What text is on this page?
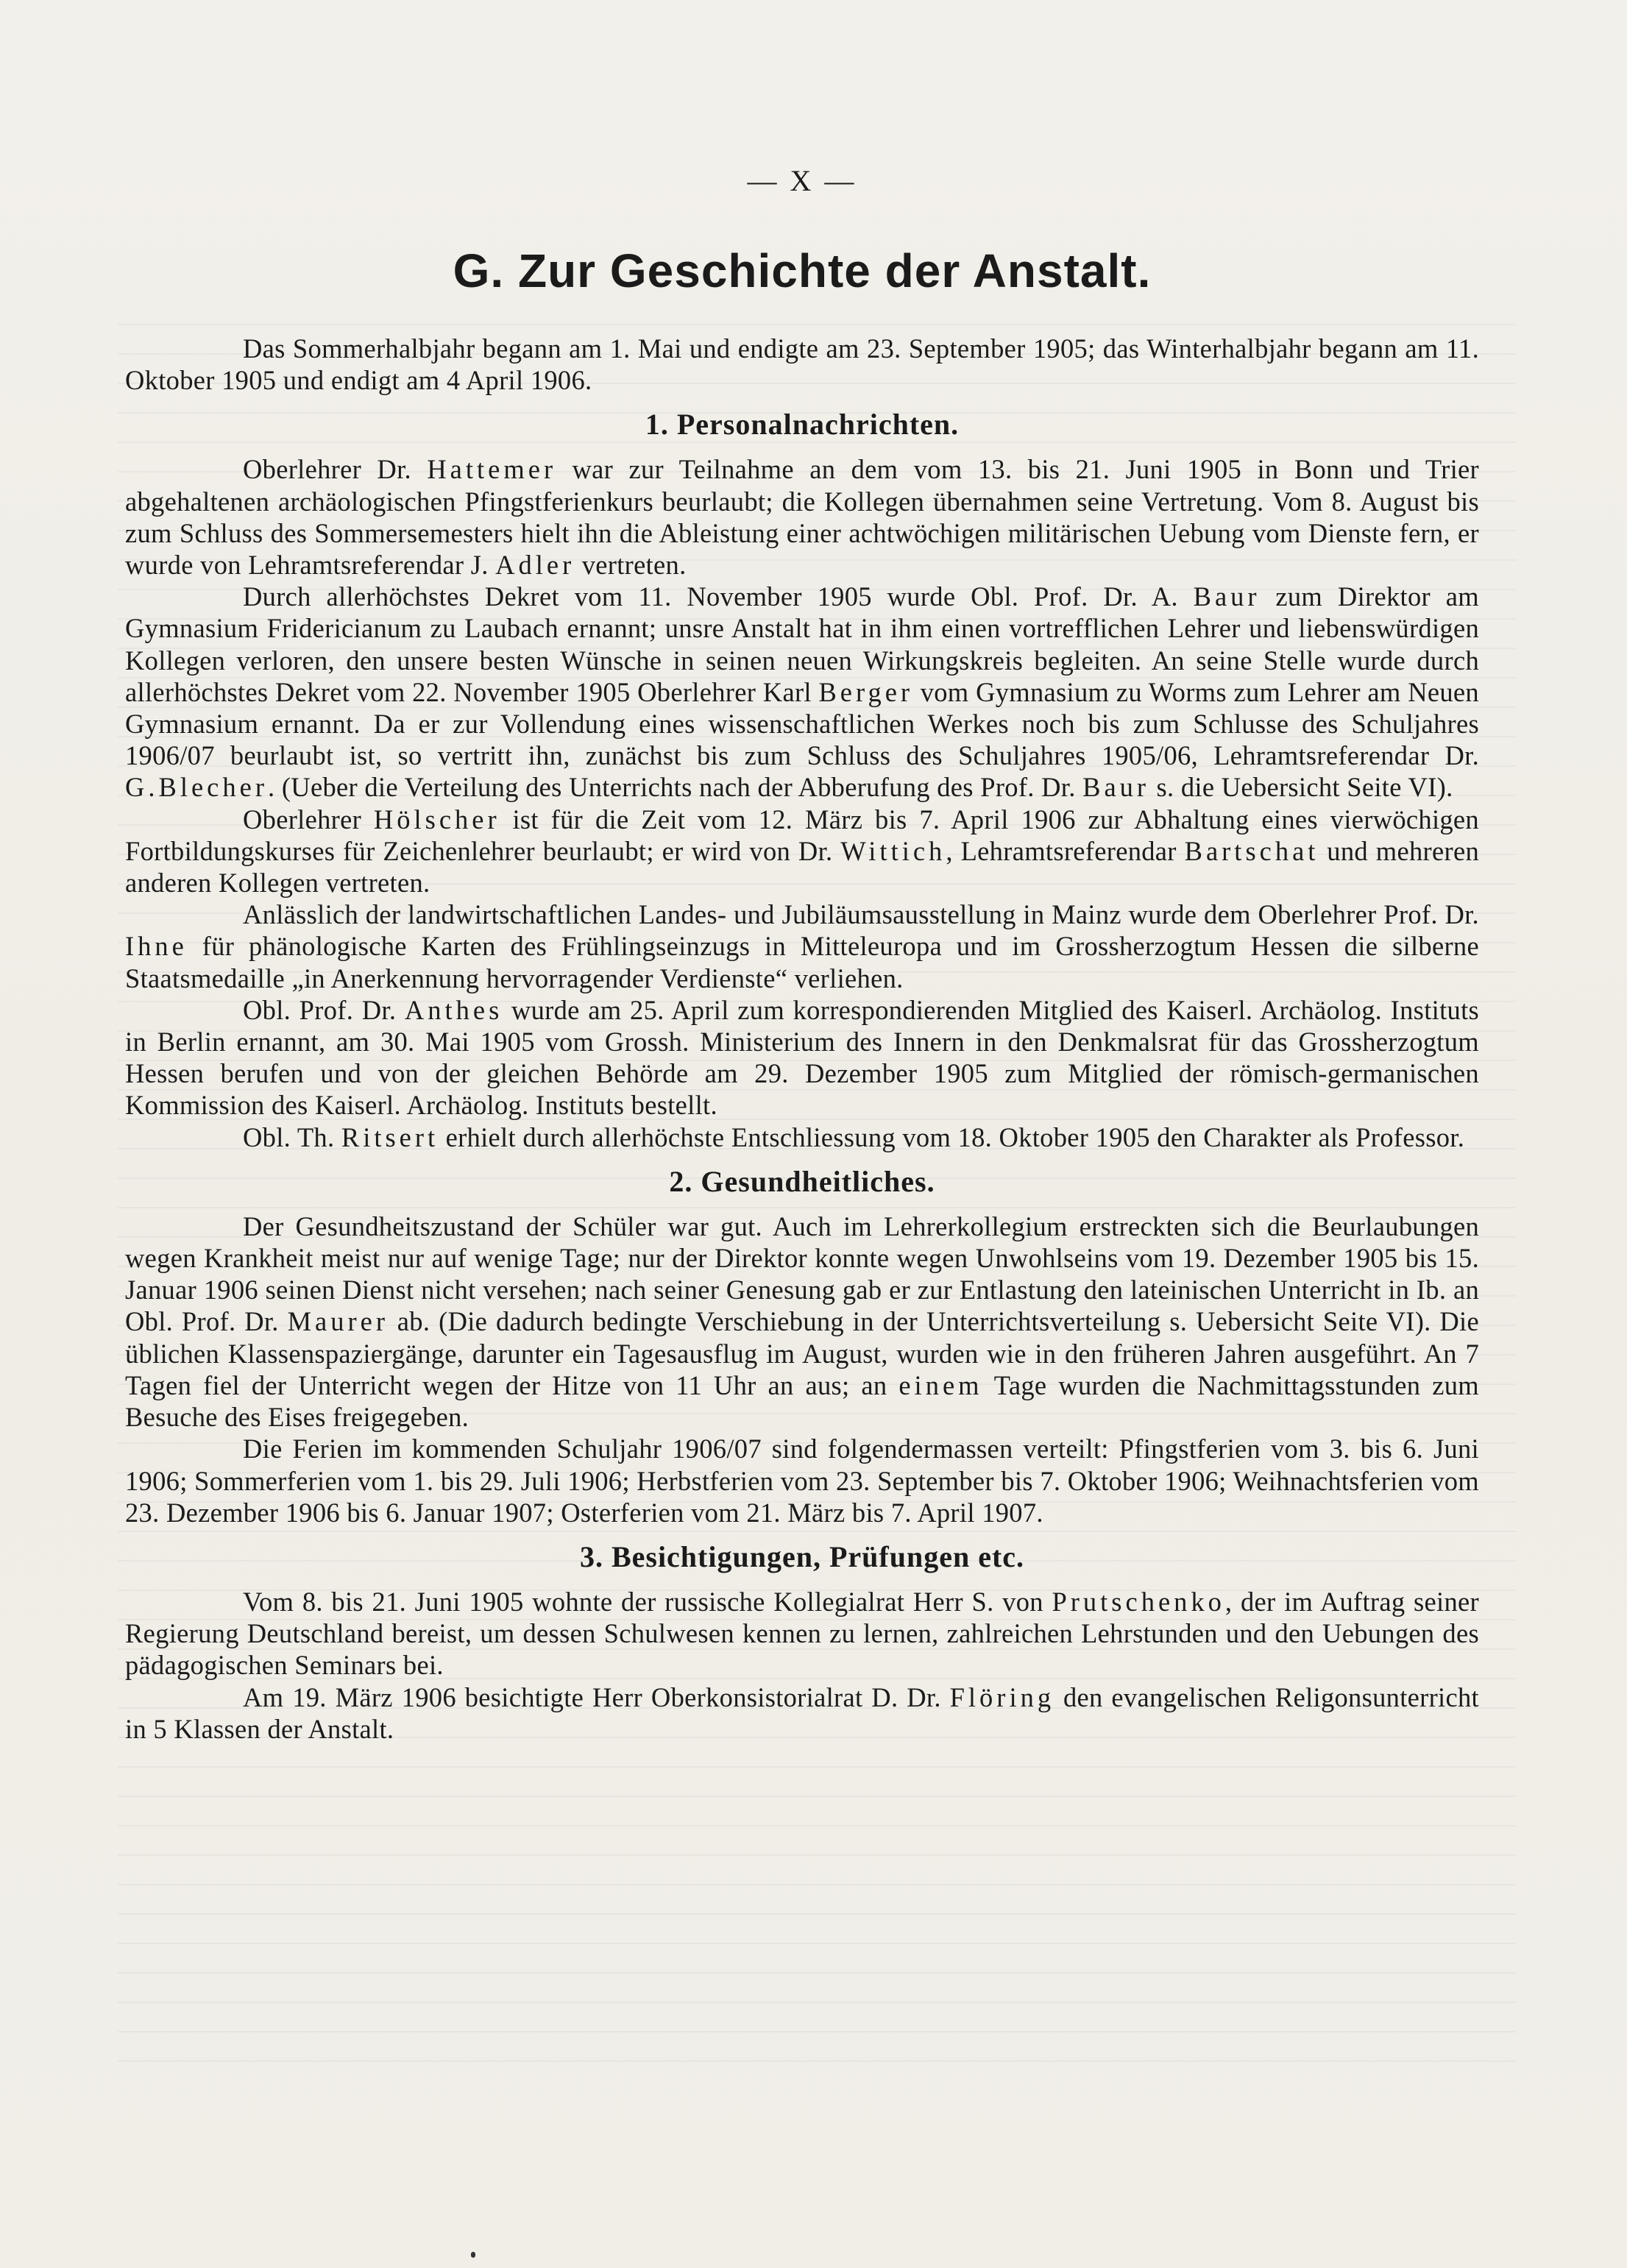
— X —
G. Zur Geschichte der Anstalt.

Das Sommerhalbjahr begann am 1. Mai und endigte am 23. September 1905; das Winterhalbjahr begann am 11. Oktober 1905 und endigt am 4 April 1906.

1. Personalnachrichten.

Oberlehrer Dr. Hattemer war zur Teilnahme an dem vom 13. bis 21. Juni 1905 in Bonn und Trier abgehaltenen archäologischen Pfingstferienkurs beurlaubt; die Kollegen übernahmen seine Vertretung. Vom 8. August bis zum Schluss des Sommersemesters hielt ihn die Ableistung einer achtwöchigen militärischen Uebung vom Dienste fern, er wurde von Lehramtsreferendar J. Adler vertreten.

Durch allerhöchstes Dekret vom 11. November 1905 wurde Obl. Prof. Dr. A. Baur zum Direktor am Gymnasium Fridericianum zu Laubach ernannt; unsre Anstalt hat in ihm einen vortrefflichen Lehrer und liebenswürdigen Kollegen verloren, den unsere besten Wünsche in seinen neuen Wirkungskreis begleiten. An seine Stelle wurde durch allerhöchstes Dekret vom 22. November 1905 Oberlehrer Karl Berger vom Gymnasium zu Worms zum Lehrer am Neuen Gymnasium ernannt. Da er zur Vollendung eines wissenschaftlichen Werkes noch bis zum Schlusse des Schuljahres 1906/07 beurlaubt ist, so vertritt ihn, zunächst bis zum Schluss des Schuljahres 1905/06, Lehramtsreferendar Dr. G.Blecher. (Ueber die Verteilung des Unterrichts nach der Abberufung des Prof. Dr. Baur s. die Uebersicht Seite VI).

Oberlehrer Hölscher ist für die Zeit vom 12. März bis 7. April 1906 zur Abhaltung eines vierwöchigen Fortbildungskurses für Zeichenlehrer beurlaubt; er wird von Dr. Wittich, Lehramtsreferendar Bartschat und mehreren anderen Kollegen vertreten.

Anlässlich der landwirtschaftlichen Landes- und Jubiläumsausstellung in Mainz wurde dem Oberlehrer Prof. Dr. Ihne für phänologische Karten des Frühlingseinzugs in Mitteleuropa und im Grossherzogtum Hessen die silberne Staatsmedaille „in Anerkennung hervorragender Verdienste“ verliehen.

Obl. Prof. Dr. Anthes wurde am 25. April zum korrespondierenden Mitglied des Kaiserl. Archäolog. Instituts in Berlin ernannt, am 30. Mai 1905 vom Grossh. Ministerium des Innern in den Denkmalsrat für das Grossherzogtum Hessen berufen und von der gleichen Behörde am 29. Dezember 1905 zum Mitglied der römisch-germanischen Kommission des Kaiserl. Archäolog. Instituts bestellt.

Obl. Th. Ritsert erhielt durch allerhöchste Entschliessung vom 18. Oktober 1905 den Charakter als Professor.

2. Gesundheitliches.

Der Gesundheitszustand der Schüler war gut. Auch im Lehrerkollegium erstreckten sich die Beurlaubungen wegen Krankheit meist nur auf wenige Tage; nur der Direktor konnte wegen Unwohlseins vom 19. Dezember 1905 bis 15. Januar 1906 seinen Dienst nicht versehen; nach seiner Genesung gab er zur Entlastung den lateinischen Unterricht in Ib. an Obl. Prof. Dr. Maurer ab. (Die dadurch bedingte Verschiebung in der Unterrichtsverteilung s. Uebersicht Seite VI). Die üblichen Klassenspaziergänge, darunter ein Tagesausflug im August, wurden wie in den früheren Jahren ausgeführt. An 7 Tagen fiel der Unterricht wegen der Hitze von 11 Uhr an aus; an einem Tage wurden die Nachmittagsstunden zum Besuche des Eises freigegeben.

Die Ferien im kommenden Schuljahr 1906/07 sind folgendermassen verteilt: Pfingstferien vom 3. bis 6. Juni 1906; Sommerferien vom 1. bis 29. Juli 1906; Herbstferien vom 23. September bis 7. Oktober 1906; Weihnachtsferien vom 23. Dezember 1906 bis 6. Januar 1907; Osterferien vom 21. März bis 7. April 1907.

3. Besichtigungen, Prüfungen etc.

Vom 8. bis 21. Juni 1905 wohnte der russische Kollegialrat Herr S. von Prutschenko, der im Auftrag seiner Regierung Deutschland bereist, um dessen Schulwesen kennen zu lernen, zahlreichen Lehrstunden und den Uebungen des pädagogischen Seminars bei.

Am 19. März 1906 besichtigte Herr Oberkonsistorialrat D. Dr. Flöring den evangelischen Religonsunterricht in 5 Klassen der Anstalt.
